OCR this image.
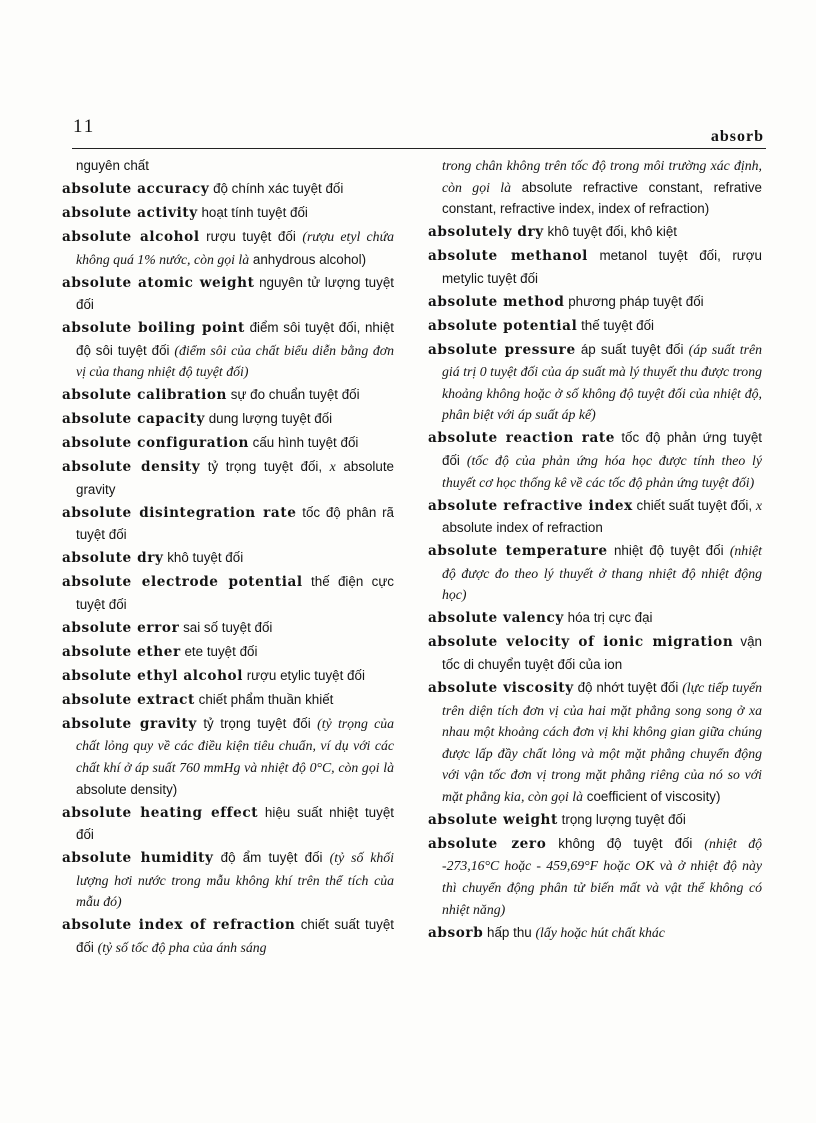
11	absorb

nguyên chất

absolute accuracy độ chính xác tuyệt đối

absolute activity hoạt tính tuyệt đối

absolute alcohol rượu tuyệt đối (rượu etyl chứa không quá 1% nước, còn gọi là anhydrous alcohol)

absolute atomic weight nguyên tử lượng tuyệt đối

absolute boiling point điểm sôi tuyệt đối, nhiệt độ sôi tuyệt đối (điểm sôi của chất biểu diễn bằng đơn vị của thang nhiệt độ tuyệt đối)

absolute calibration sự đo chuẩn tuyệt đối

absolute capacity dung lượng tuyệt đối

absolute configuration cấu hình tuyệt đối

absolute density tỷ trọng tuyệt đối, x absolute gravity

absolute disintegration rate tốc độ phân rã tuyệt đối

absolute dry khô tuyệt đối

absolute electrode potential thế điện cực tuyệt đối

absolute error sai số tuyệt đối

absolute ether ete tuyệt đối

absolute ethyl alcohol rượu etylic tuyệt đối

absolute extract chiết phẩm thuần khiết

absolute gravity tỷ trọng tuyệt đối (tỷ trọng của chất lỏng quy về các điều kiện tiêu chuẩn, ví dụ với các chất khí ở áp suất 760 mmHg và nhiệt độ 0°C, còn gọi là absolute density)

absolute heating effect hiệu suất nhiệt tuyệt đối

absolute humidity độ ẩm tuyệt đối (tỷ số khối lượng hơi nước trong mẫu không khí trên thể tích của mẫu đó)

absolute index of refraction chiết suất tuyệt đối (tỷ số tốc độ pha của ánh sáng

trong chân không trên tốc độ trong môi trường xác định, còn gọi là absolute refractive constant, refrative constant, refractive index, index of refraction)

absolutely dry khô tuyệt đối, khô kiệt

absolute methanol metanol tuyệt đối, rượu metylic tuyệt đối

absolute method phương pháp tuyệt đối

absolute potential thế tuyệt đối

absolute pressure áp suất tuyệt đối (áp suất trên giá trị 0 tuyệt đối của áp suất mà lý thuyết thu được trong khoảng không hoặc ở số không độ tuyệt đối của nhiệt độ, phân biệt với áp suất áp kế)

absolute reaction rate tốc độ phản ứng tuyệt đối (tốc độ của phản ứng hóa học được tính theo lý thuyết cơ học thống kê về các tốc độ phản ứng tuyệt đối)

absolute refractive index chiết suất tuyệt đối, x absolute index of refraction

absolute temperature nhiệt độ tuyệt đối (nhiệt độ được đo theo lý thuyết ở thang nhiệt độ nhiệt động học)

absolute valency hóa trị cực đại

absolute velocity of ionic migration vận tốc di chuyển tuyệt đối của ion

absolute viscosity độ nhớt tuyệt đối (lực tiếp tuyến trên diện tích đơn vị của hai mặt phẳng song song ở xa nhau một khoảng cách đơn vị khi không gian giữa chúng được lấp đầy chất lỏng và một mặt phẳng chuyển động với vận tốc đơn vị trong mặt phẳng riêng của nó so với mặt phẳng kia, còn gọi là coefficient of viscosity)

absolute weight trọng lượng tuyệt đối

absolute zero không độ tuyệt đối (nhiệt độ -273,16°C hoặc - 459,69°F hoặc OK và ở nhiệt độ này thì chuyển động phân tử biến mất và vật thể không có nhiệt năng)

absorb hấp thu (lấy hoặc hút chất khác
